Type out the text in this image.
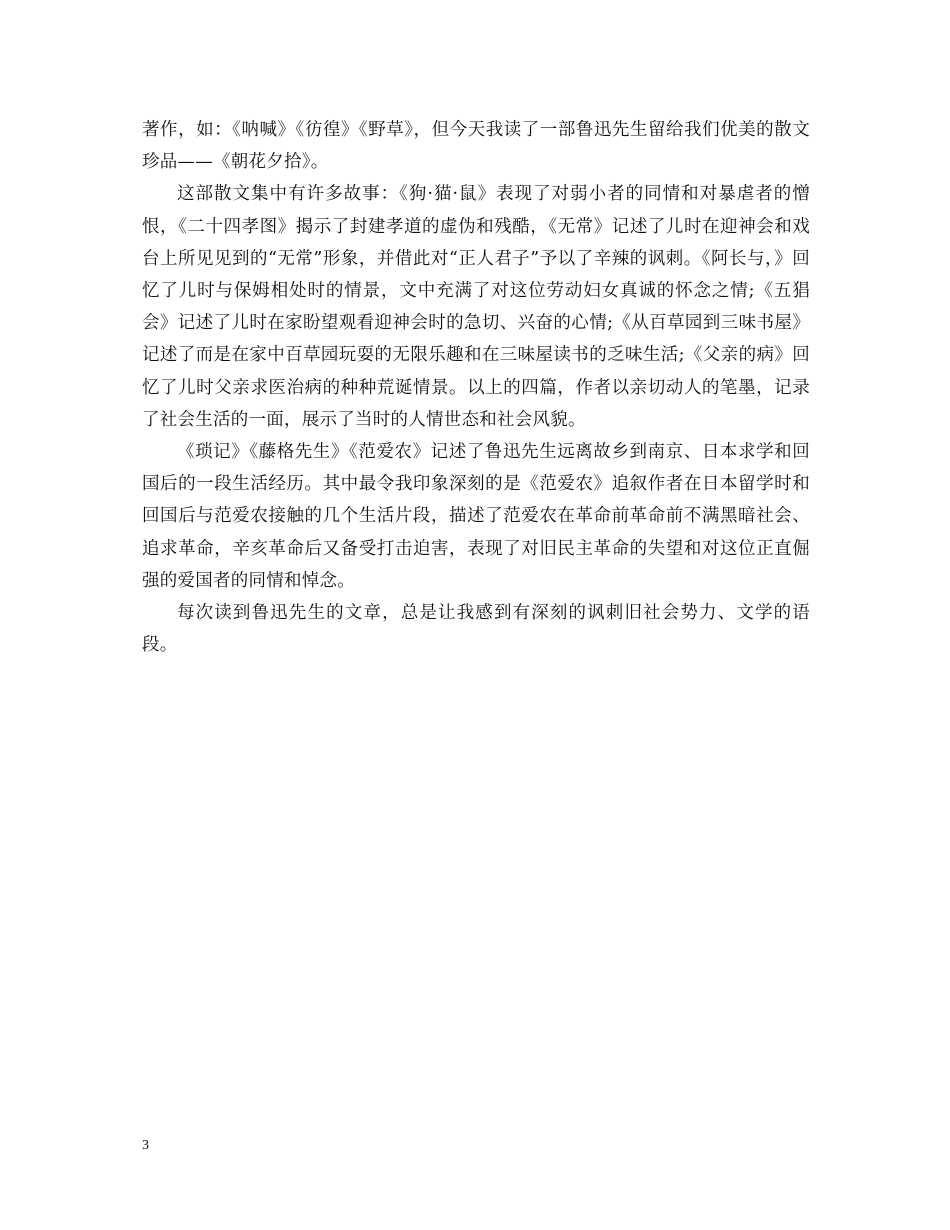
著作，如：《呐喊》《彷徨》《野草》，但今天我读了一部鲁迅先生留给我们优美的散文珍品——《朝花夕拾》。

这部散文集中有许多故事：《狗·猫·鼠》表现了对弱小者的同情和对暴虐者的憎恨，《二十四孝图》揭示了封建孝道的虚伪和残酷，《无常》记述了儿时在迎神会和戏台上所见见到的“无常”形象，并借此对“正人君子”予以了辛辣的讽刺。《阿长与，》回忆了儿时与保姆相处时的情景，文中充满了对这位劳动妇女真诚的怀念之情;《五猖会》记述了儿时在家盼望观看迎神会时的急切、兴奋的心情;《从百草园到三味书屋》记述了而是在家中百草园玩耍的无限乐趣和在三味屋读书的乏味生活;《父亲的病》回忆了儿时父亲求医治病的种种荒诞情景。以上的四篇，作者以亲切动人的笔墨，记录了社会生活的一面，展示了当时的人情世态和社会风貌。

《琐记》《藤格先生》《范爱农》记述了鲁迅先生远离故乡到南京、日本求学和回国后的一段生活经历。其中最令我印象深刻的是《范爱农》追叙作者在日本留学时和回国后与范爱农接触的几个生活片段，描述了范爱农在革命前革命前不满黑暗社会、追求革命，辛亥革命后又备受打击迫害，表现了对旧民主革命的失望和对这位正直倔强的爱国者的同情和悼念。

每次读到鲁迅先生的文章，总是让我感到有深刻的讽刺旧社会势力、文学的语段。

3
